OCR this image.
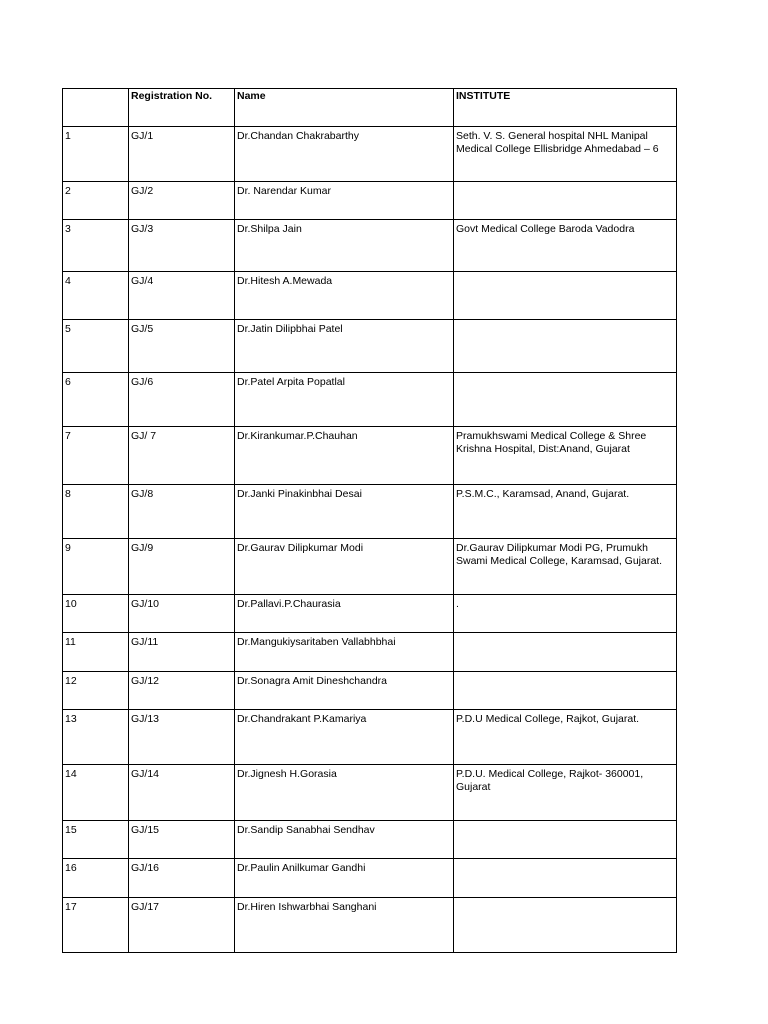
	Registration No.	Name	INSTITUTE
1	GJ/1	Dr.Chandan Chakrabarthy	Seth. V. S. General hospital NHL Manipal Medical College Ellisbridge Ahmedabad – 6
2	GJ/2	Dr. Narendar Kumar	
3	GJ/3	Dr.Shilpa Jain	Govt Medical College Baroda Vadodra
4	GJ/4	Dr.Hitesh A.Mewada	
5	GJ/5	Dr.Jatin Dilipbhai Patel	
6	GJ/6	Dr.Patel Arpita Popatlal	
7	GJ/ 7	Dr.Kirankumar.P.Chauhan	Pramukhswami Medical College & Shree Krishna Hospital, Dist:Anand, Gujarat
8	GJ/8	Dr.Janki Pinakinbhai Desai	P.S.M.C., Karamsad, Anand, Gujarat.
9	GJ/9	Dr.Gaurav Dilipkumar Modi	Dr.Gaurav Dilipkumar Modi PG, Prumukh Swami Medical College, Karamsad, Gujarat.
10	GJ/10	Dr.Pallavi.P.Chaurasia	.
11	GJ/11	Dr.Mangukiysaritaben Vallabhbhai	
12	GJ/12	Dr.Sonagra Amit Dineshchandra	
13	GJ/13	Dr.Chandrakant P.Kamariya	P.D.U Medical College, Rajkot, Gujarat.
14	GJ/14	Dr.Jignesh H.Gorasia	P.D.U. Medical College, Rajkot- 360001, Gujarat
15	GJ/15	Dr.Sandip Sanabhai Sendhav	
16	GJ/16	Dr.Paulin Anilkumar Gandhi	
17	GJ/17	Dr.Hiren Ishwarbhai Sanghani	
